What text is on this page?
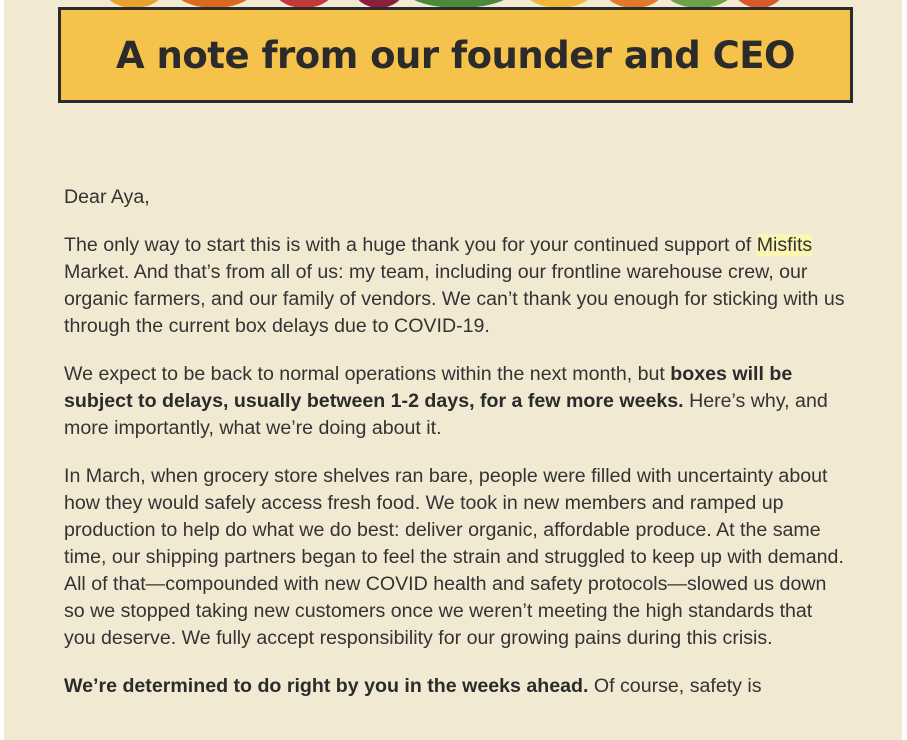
A note from our founder and CEO

Dear Aya,

The only way to start this is with a huge thank you for your continued support of Misfits Market. And that’s from all of us: my team, including our frontline warehouse crew, our organic farmers, and our family of vendors. We can’t thank you enough for sticking with us through the current box delays due to COVID-19.

We expect to be back to normal operations within the next month, but boxes will be subject to delays, usually between 1-2 days, for a few more weeks. Here’s why, and more importantly, what we’re doing about it.

In March, when grocery store shelves ran bare, people were filled with uncertainty about how they would safely access fresh food. We took in new members and ramped up production to help do what we do best: deliver organic, affordable produce. At the same time, our shipping partners began to feel the strain and struggled to keep up with demand. All of that—compounded with new COVID health and safety protocols—slowed us down so we stopped taking new customers once we weren’t meeting the high standards that you deserve. We fully accept responsibility for our growing pains during this crisis.

We’re determined to do right by you in the weeks ahead. Of course, safety is
